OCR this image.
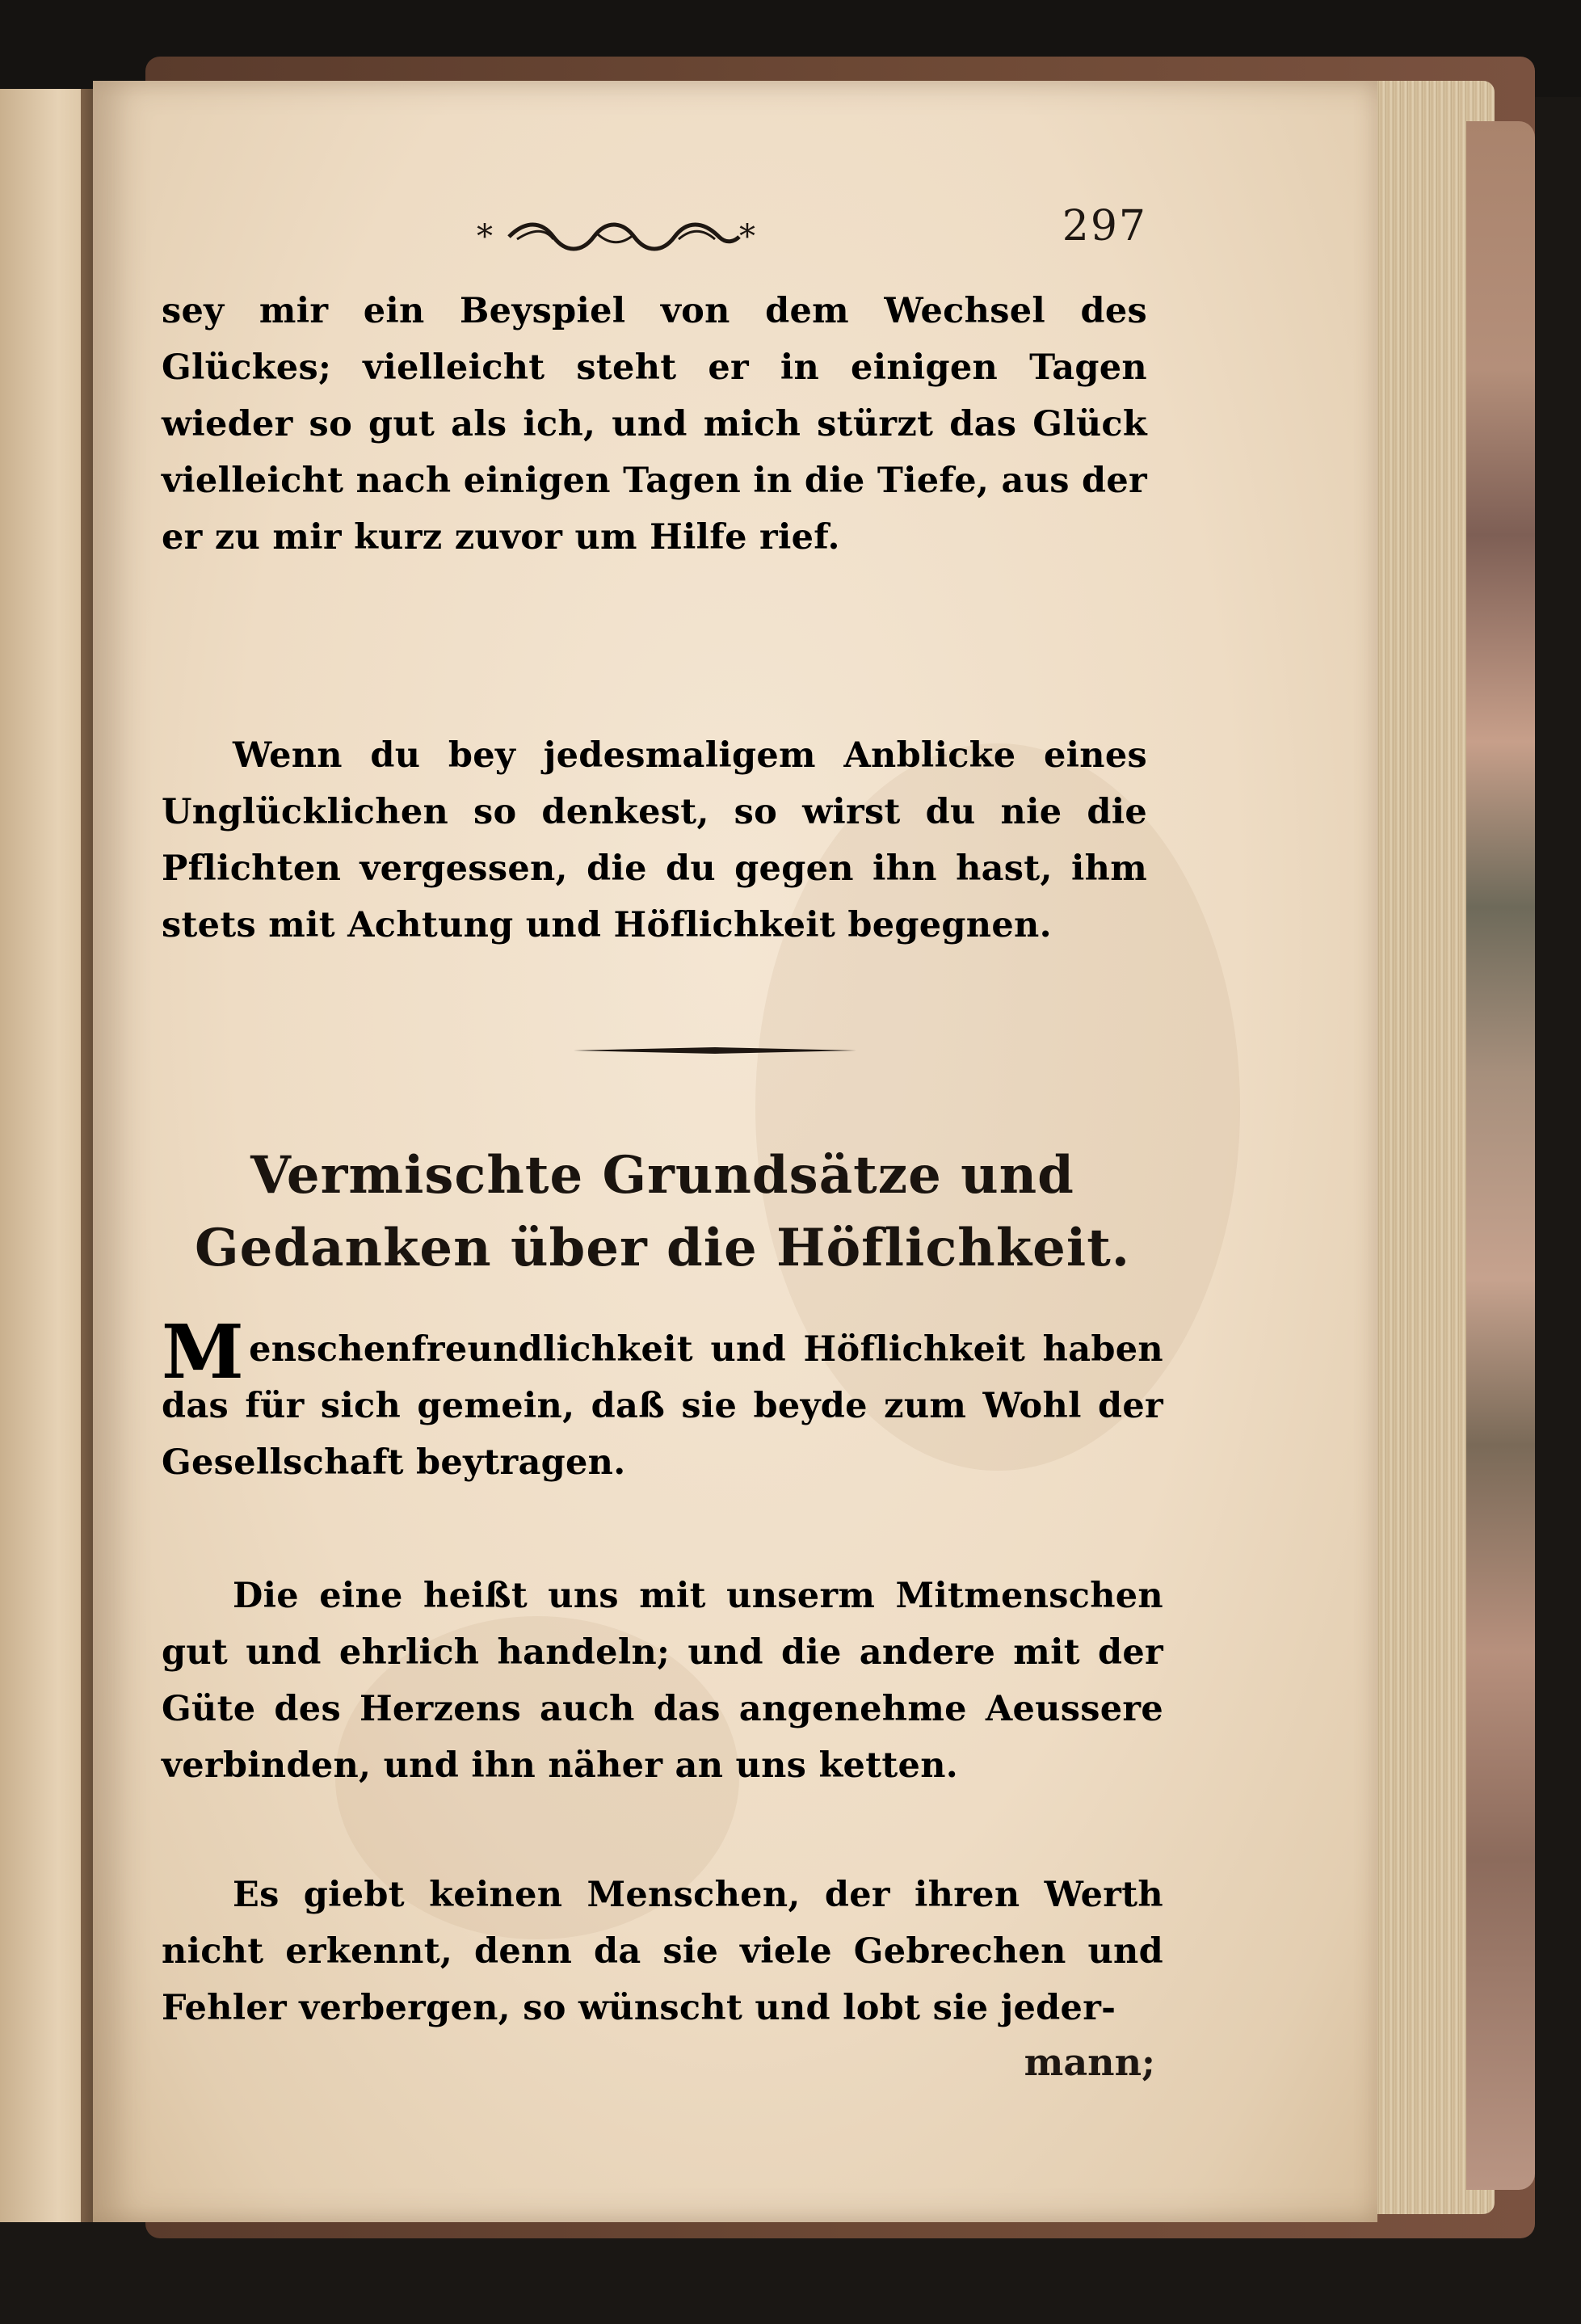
*	*	297

sey mir ein Beyspiel von dem Wechsel des Glückes; vielleicht steht er in einigen Tagen wieder so gut als ich, und mich stürzt das Glück vielleicht nach einigen Tagen in die Tiefe, aus der er zu mir kurz zuvor um Hilfe rief.

Wenn du bey jedesmaligem Anblicke eines Unglücklichen so denkest, so wirst du nie die Pflichten vergessen, die du gegen ihn hast, ihm stets mit Achtung und Höflichkeit begegnen.

Vermischte Grundsätze und Gedanken über die Höflichkeit.

Menschenfreundlichkeit und Höflichkeit haben das für sich gemein, daß sie beyde zum Wohl der Gesellschaft beytragen.

Die eine heißt uns mit unserm Mitmenschen gut und ehrlich handeln; und die andere mit der Güte des Herzens auch das angenehme Aeussere verbinden, und ihn näher an uns ketten.

Es giebt keinen Menschen, der ihren Werth nicht erkennt, denn da sie viele Gebrechen und Fehler verbergen, so wünscht und lobt sie jeder-

mann;
